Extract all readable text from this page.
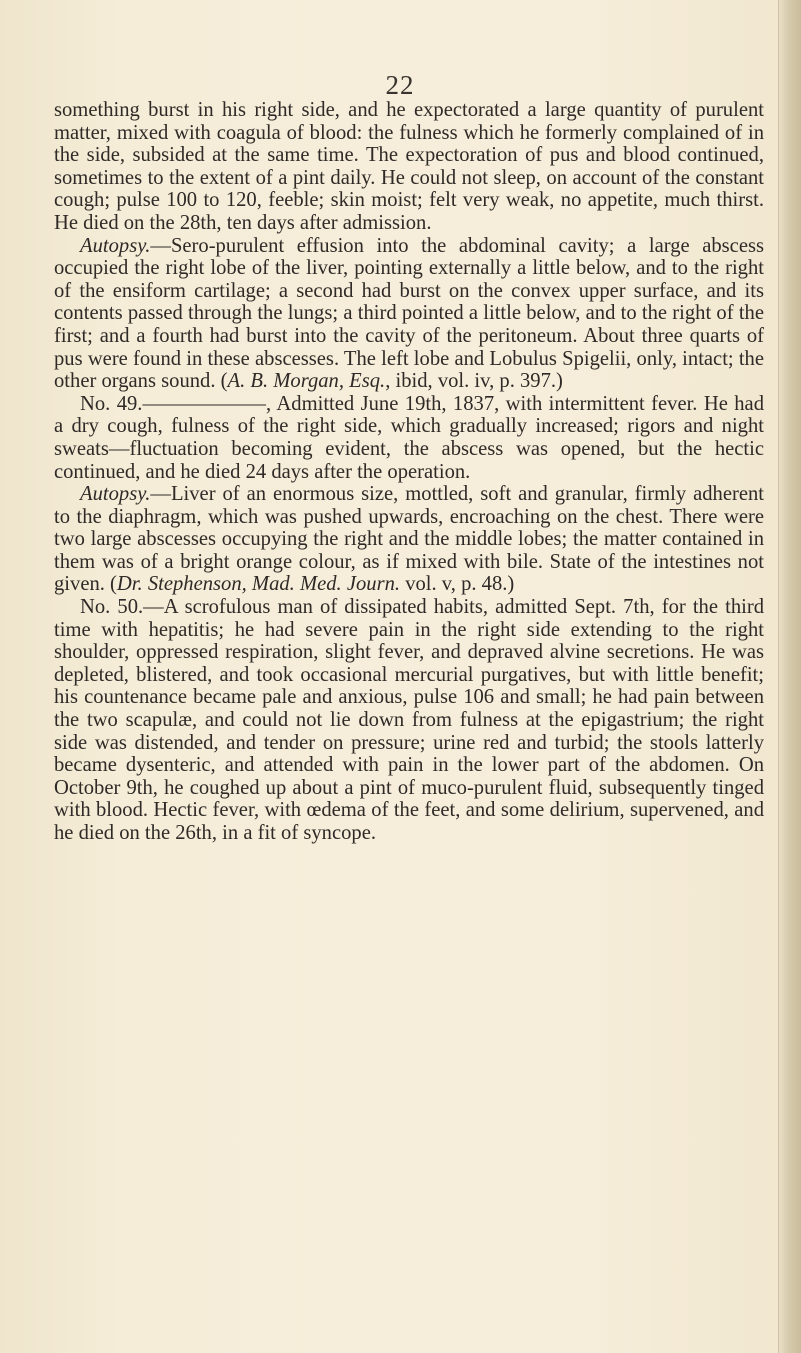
22

something burst in his right side, and he expectorated a large quantity of purulent matter, mixed with coagula of blood: the fulness which he formerly complained of in the side, subsided at the same time. The expectoration of pus and blood continued, sometimes to the extent of a pint daily. He could not sleep, on account of the constant cough; pulse 100 to 120, feeble; skin moist; felt very weak, no appetite, much thirst. He died on the 28th, ten days after admission.

Autopsy.—Sero-purulent effusion into the abdominal cavity; a large abscess occupied the right lobe of the liver, pointing externally a little below, and to the right of the ensiform cartilage; a second had burst on the convex upper surface, and its contents passed through the lungs; a third pointed a little below, and to the right of the first; and a fourth had burst into the cavity of the peritoneum. About three quarts of pus were found in these abscesses. The left lobe and Lobulus Spigelii, only, intact; the other organs sound. (A. B. Morgan, Esq., ibid, vol. iv, p. 397.)

No. 49.——————, Admitted June 19th, 1837, with intermittent fever. He had a dry cough, fulness of the right side, which gradually increased; rigors and night sweats—fluctuation becoming evident, the abscess was opened, but the hectic continued, and he died 24 days after the operation.

Autopsy.—Liver of an enormous size, mottled, soft and granular, firmly adherent to the diaphragm, which was pushed upwards, encroaching on the chest. There were two large abscesses occupying the right and the middle lobes; the matter contained in them was of a bright orange colour, as if mixed with bile. State of the intestines not given. (Dr. Stephenson, Mad. Med. Journ. vol. v, p. 48.)

No. 50.—A scrofulous man of dissipated habits, admitted Sept. 7th, for the third time with hepatitis; he had severe pain in the right side extending to the right shoulder, oppressed respiration, slight fever, and depraved alvine secretions. He was depleted, blistered, and took occasional mercurial purgatives, but with little benefit; his countenance became pale and anxious, pulse 106 and small; he had pain between the two scapulæ, and could not lie down from fulness at the epigastrium; the right side was distended, and tender on pressure; urine red and turbid; the stools latterly became dysenteric, and attended with pain in the lower part of the abdomen. On October 9th, he coughed up about a pint of muco-purulent fluid, subsequently tinged with blood. Hectic fever, with œdema of the feet, and some delirium, supervened, and he died on the 26th, in a fit of syncope.
